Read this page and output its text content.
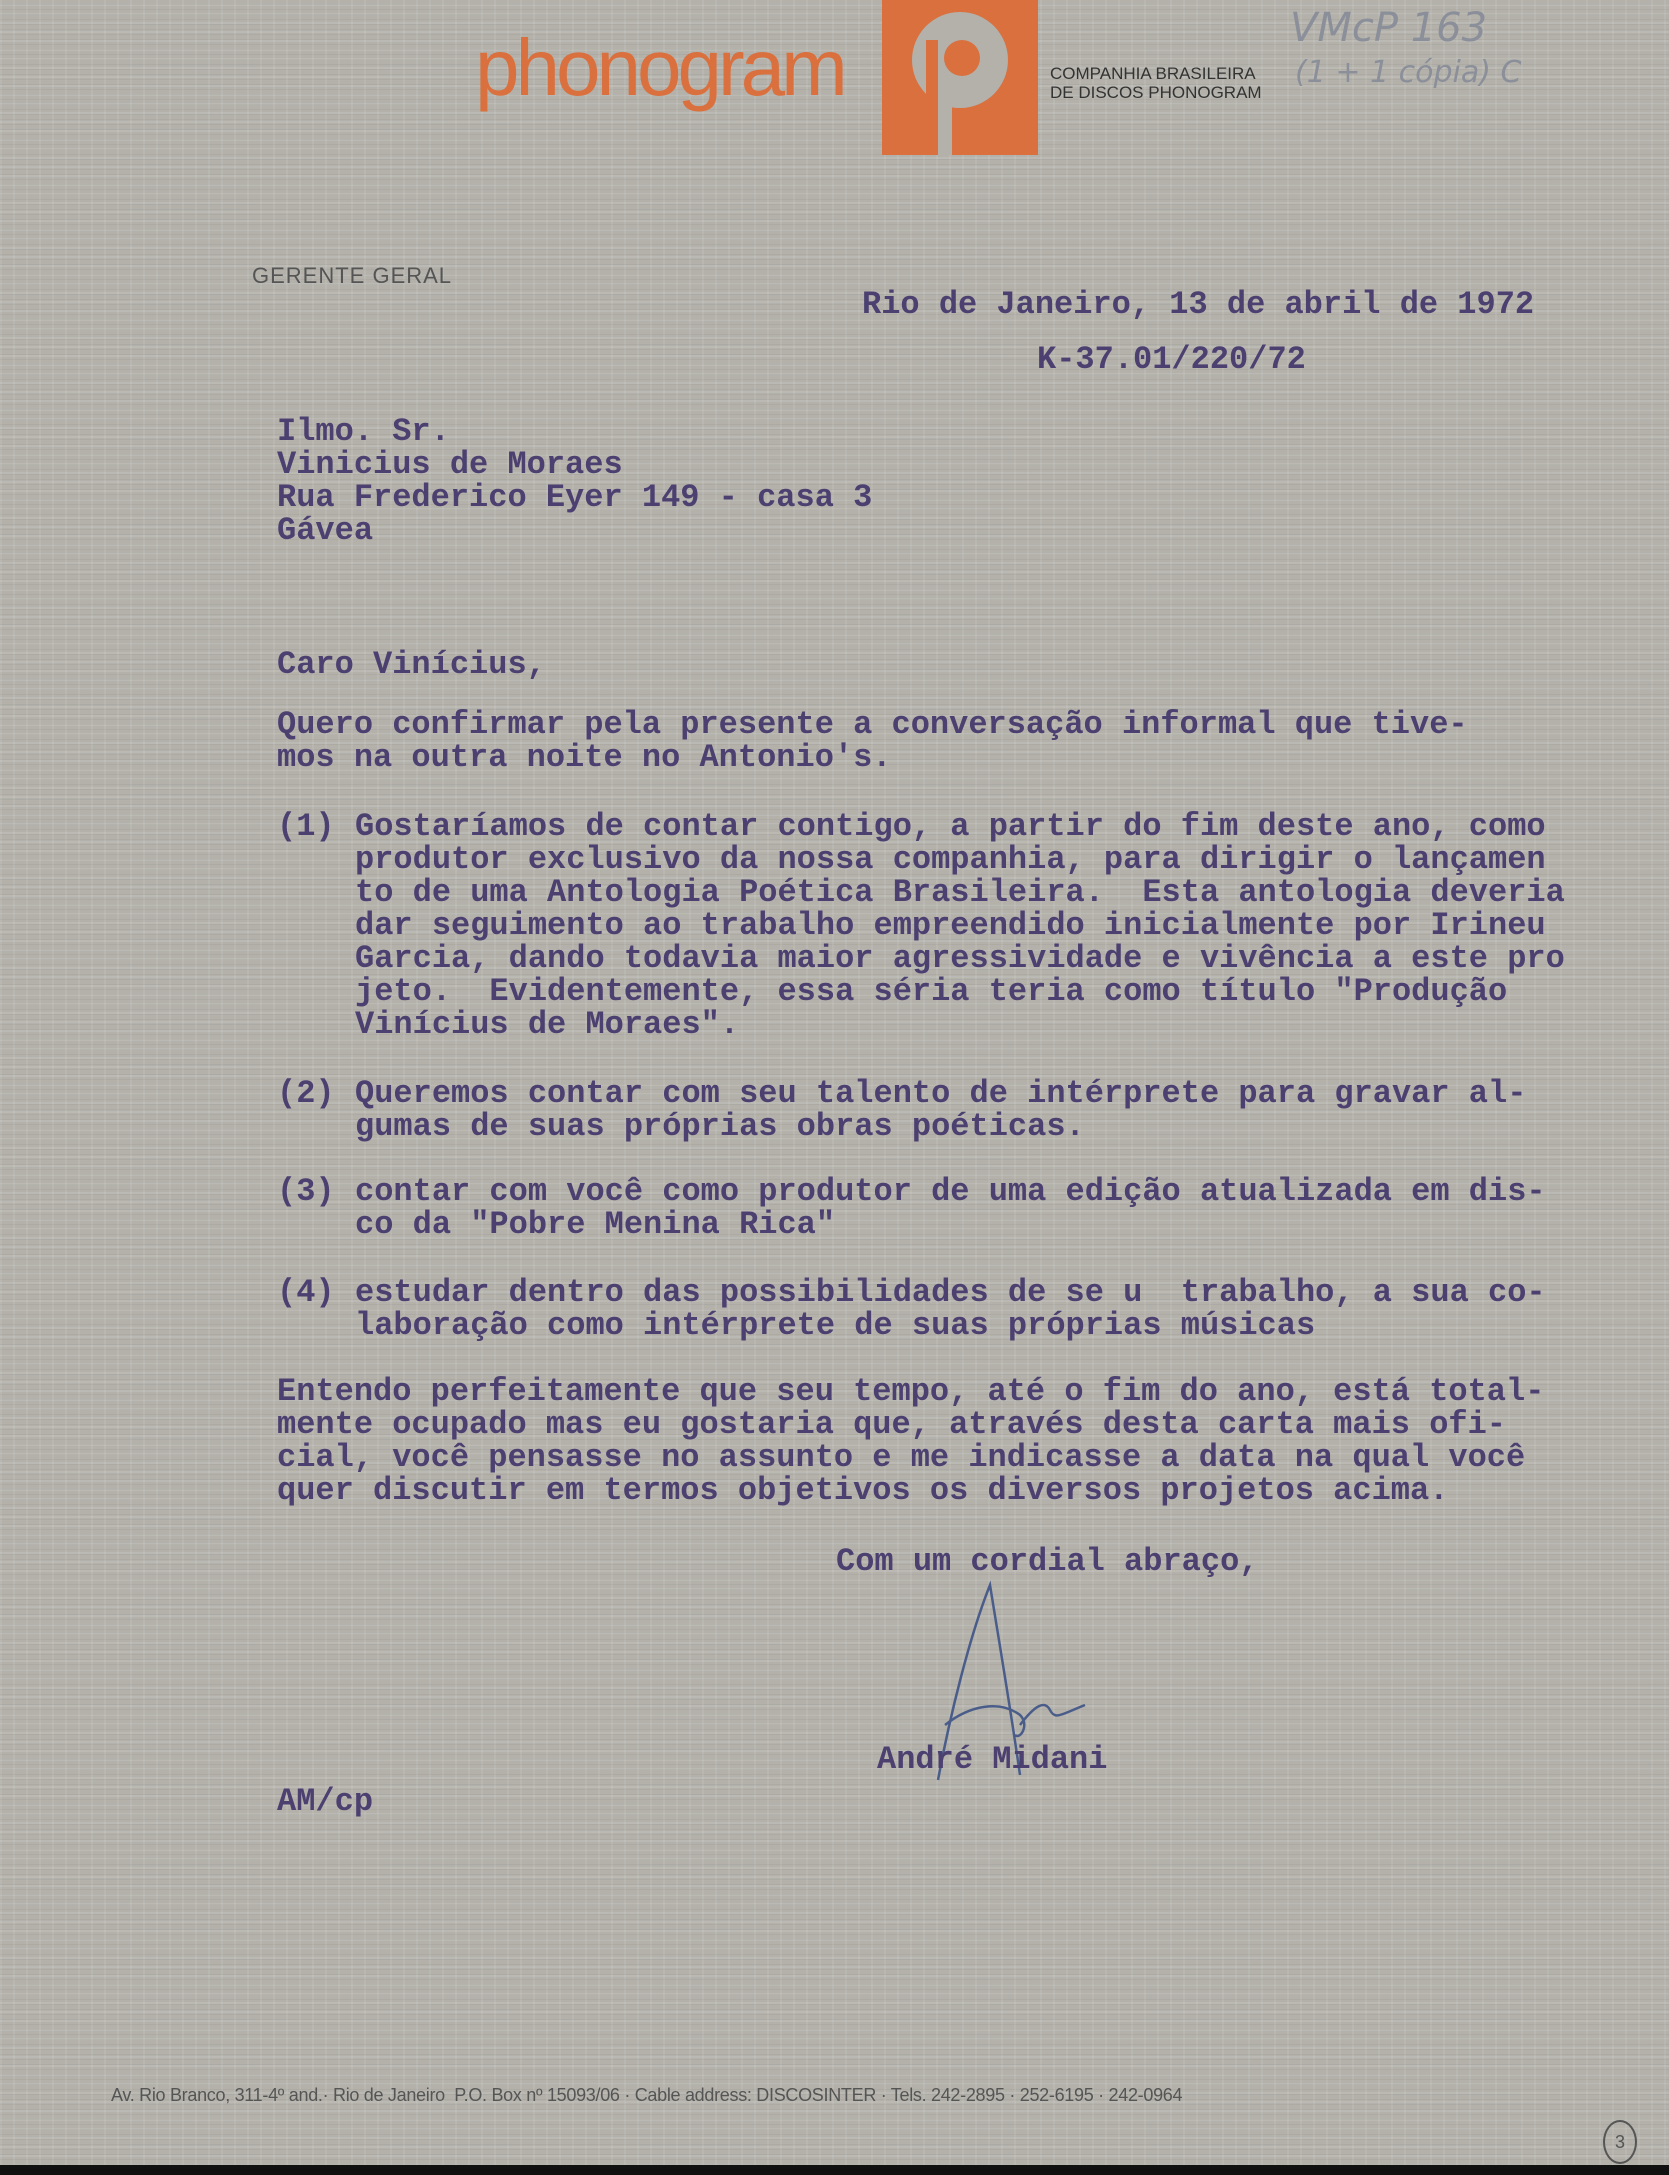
phonogram	COMPANHIA BRASILEIRA
DE DISCOS PHONOGRAM
VMcP 163
(1 + 1 cópia) C
GERENTE GERAL
Rio de Janeiro, 13 de abril de 1972
K-37.01/220/72
Ilmo. Sr.
Vinicius de Moraes
Rua Frederico Eyer 149 - casa 3
Gávea
Caro Vinícius,
Quero confirmar pela presente a conversação informal que tive-
mos na outra noite no Antonio's.
(1) Gostaríamos de contar contigo, a partir do fim deste ano, como
produtor exclusivo da nossa companhia, para dirigir o lançamen
to de uma Antologia Poética Brasileira.  Esta antologia deveria
dar seguimento ao trabalho empreendido inicialmente por Irineu
Garcia, dando todavia maior agressividade e vivência a este pro
jeto.  Evidentemente, essa séria teria como título "Produção
Vinícius de Moraes".
(2) Queremos contar com seu talento de intérprete para gravar al-
gumas de suas próprias obras poéticas.
(3) contar com você como produtor de uma edição atualizada em dis-
co da "Pobre Menina Rica"
(4) estudar dentro das possibilidades de se u  trabalho, a sua co-
laboração como intérprete de suas próprias músicas
Entendo perfeitamente que seu tempo, até o fim do ano, está total-
mente ocupado mas eu gostaria que, através desta carta mais ofi-
cial, você pensasse no assunto e me indicasse a data na qual você
quer discutir em termos objetivos os diversos projetos acima.
Com um cordial abraço,
André Midani
AM/cp
Av. Rio Branco, 311-4º and.· Rio de Janeiro  P.O. Box nº 15093/06 · Cable address: DISCOSINTER · Tels. 242-2895 · 252-6195 · 242-0964
3
